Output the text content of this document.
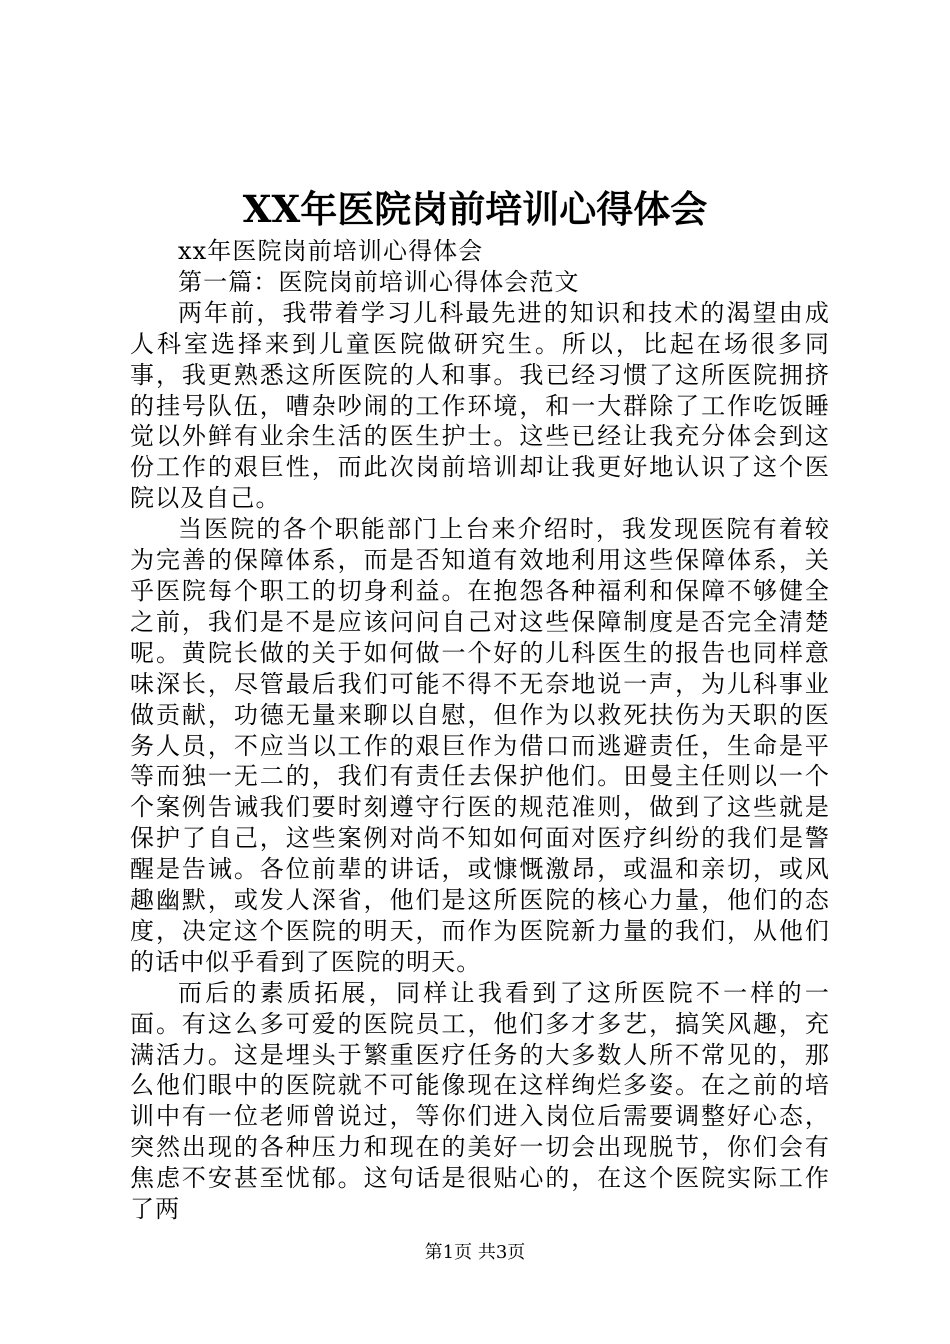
XX年医院岗前培训心得体会

xx年医院岗前培训心得体会

第一篇：医院岗前培训心得体会范文

两年前，我带着学习儿科最先进的知识和技术的渴望由成人科室选择来到儿童医院做研究生。所以，比起在场很多同事，我更熟悉这所医院的人和事。我已经习惯了这所医院拥挤的挂号队伍，嘈杂吵闹的工作环境，和一大群除了工作吃饭睡觉以外鲜有业余生活的医生护士。这些已经让我充分体会到这份工作的艰巨性，而此次岗前培训却让我更好地认识了这个医院以及自己。

当医院的各个职能部门上台来介绍时，我发现医院有着较为完善的保障体系，而是否知道有效地利用这些保障体系，关乎医院每个职工的切身利益。在抱怨各种福利和保障不够健全之前，我们是不是应该问问自己对这些保障制度是否完全清楚呢。黄院长做的关于如何做一个好的儿科医生的报告也同样意味深长，尽管最后我们可能不得不无奈地说一声，为儿科事业做贡献，功德无量来聊以自慰，但作为以救死扶伤为天职的医务人员，不应当以工作的艰巨作为借口而逃避责任，生命是平等而独一无二的，我们有责任去保护他们。田曼主任则以一个个案例告诫我们要时刻遵守行医的规范准则，做到了这些就是保护了自己，这些案例对尚不知如何面对医疗纠纷的我们是警醒是告诫。各位前辈的讲话，或慷慨激昂，或温和亲切，或风趣幽默，或发人深省，他们是这所医院的核心力量，他们的态度，决定这个医院的明天，而作为医院新力量的我们，从他们的话中似乎看到了医院的明天。

而后的素质拓展，同样让我看到了这所医院不一样的一面。有这么多可爱的医院员工，他们多才多艺，搞笑风趣，充满活力。这是埋头于繁重医疗任务的大多数人所不常见的，那么他们眼中的医院就不可能像现在这样绚烂多姿。在之前的培训中有一位老师曾说过，等你们进入岗位后需要调整好心态，突然出现的各种压力和现在的美好一切会出现脱节，你们会有焦虑不安甚至忧郁。这句话是很贴心的，在这个医院实际工作了两

第1页 共3页
